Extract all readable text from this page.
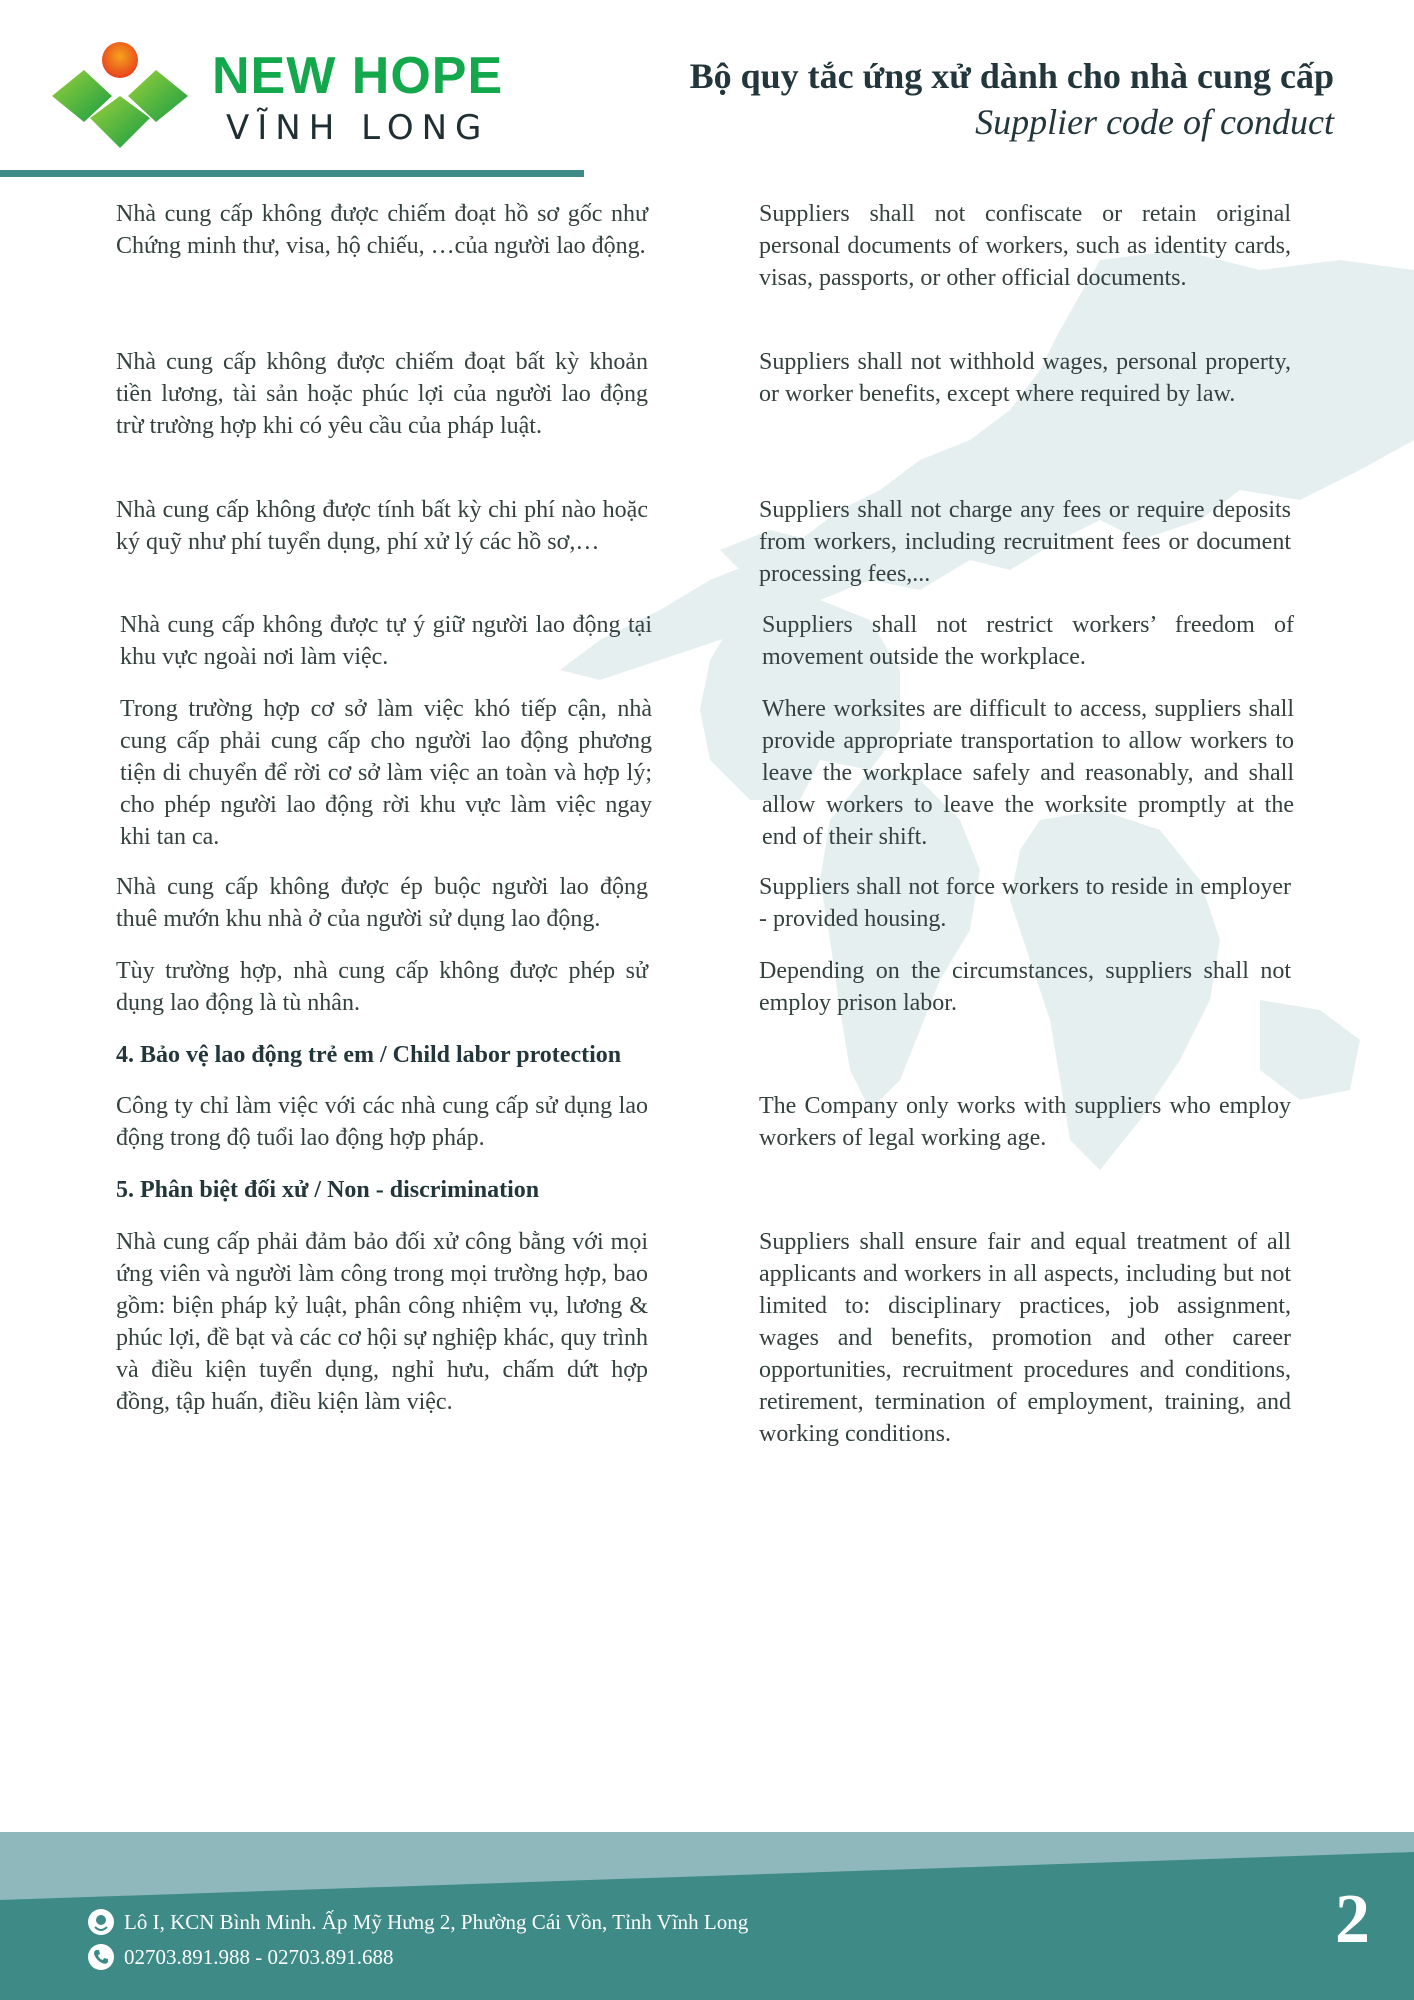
NEW HOPE
VĨNH LONG
Bộ quy tắc ứng xử dành cho nhà cung cấp
Supplier code of conduct

Nhà cung cấp không được chiếm đoạt hồ sơ gốc như Chứng minh thư, visa, hộ chiếu, …của người lao động.

Suppliers shall not confiscate or retain original personal documents of workers, such as identity cards, visas, passports, or other official documents.

Nhà cung cấp không được chiếm đoạt bất kỳ khoản tiền lương, tài sản hoặc phúc lợi của người lao động trừ trường hợp khi có yêu cầu của pháp luật.

Suppliers shall not withhold wages, personal property, or worker benefits, except where required by law.

Nhà cung cấp không được tính bất kỳ chi phí nào hoặc ký quỹ như phí tuyển dụng, phí xử lý các hồ sơ,…

Suppliers shall not charge any fees or require deposits from workers, including recruitment fees or document processing fees,...

Nhà cung cấp không được tự ý giữ người lao động tại khu vực ngoài nơi làm việc.

Suppliers shall not restrict workers’ freedom of movement outside the workplace.

Trong trường hợp cơ sở làm việc khó tiếp cận, nhà cung cấp phải cung cấp cho người lao động phương tiện di chuyển để rời cơ sở làm việc an toàn và hợp lý; cho phép người lao động rời khu vực làm việc ngay khi tan ca.

Where worksites are difficult to access, suppliers shall provide appropriate transportation to allow workers to leave the workplace safely and reasonably, and shall allow workers to leave the worksite promptly at the end of their shift.

Nhà cung cấp không được ép buộc người lao động thuê mướn khu nhà ở của người sử dụng lao động.

Suppliers shall not force workers to reside in employer - provided housing.

Tùy trường hợp, nhà cung cấp không được phép sử dụng lao động là tù nhân.

Depending on the circumstances, suppliers shall not employ prison labor.

4. Bảo vệ lao động trẻ em / Child labor protection

Công ty chỉ làm việc với các nhà cung cấp sử dụng lao động trong độ tuổi lao động hợp pháp.

The Company only works with suppliers who employ workers of legal working age.

5. Phân biệt đối xử / Non - discrimination

Nhà cung cấp phải đảm bảo đối xử công bằng với mọi ứng viên và người làm công trong mọi trường hợp, bao gồm: biện pháp kỷ luật, phân công nhiệm vụ, lương & phúc lợi, đề bạt và các cơ hội sự nghiệp khác, quy trình và điều kiện tuyển dụng, nghỉ hưu, chấm dứt hợp đồng, tập huấn, điều kiện làm việc.

Suppliers shall ensure fair and equal treatment of all applicants and workers in all aspects, including but not limited to: disciplinary practices, job assignment, wages and benefits, promotion and other career opportunities, recruitment procedures and conditions, retirement, termination of employment, training, and working conditions.

Lô I, KCN Bình Minh. Ấp Mỹ Hưng 2, Phường Cái Vồn, Tỉnh Vĩnh Long
02703.891.988 - 02703.891.688	2
